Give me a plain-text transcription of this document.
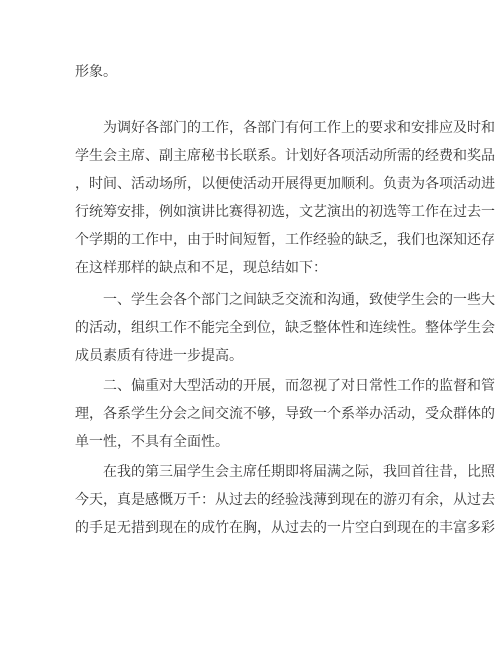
形象。
为调好各部门的工作，各部门有何工作上的要求和安排应及时和
学生会主席、副主席秘书长联系。计划好各项活动所需的经费和奖品
，时间、活动场所，以便使活动开展得更加顺利。负责为各项活动进
行统筹安排，例如演讲比赛得初选，文艺演出的初选等工作在过去一
个学期的工作中，由于时间短暂，工作经验的缺乏，我们也深知还存
在这样那样的缺点和不足，现总结如下：
一、学生会各个部门之间缺乏交流和沟通，致使学生会的一些大
的活动，组织工作不能完全到位，缺乏整体性和连续性。整体学生会
成员素质有待进一步提高。
二、偏重对大型活动的开展，而忽视了对日常性工作的监督和管
理，各系学生分会之间交流不够，导致一个系举办活动，受众群体的
单一性，不具有全面性。
在我的第三届学生会主席任期即将届满之际，我回首往昔，比照
今天，真是感慨万千：从过去的经验浅薄到现在的游刃有余，从过去
的手足无措到现在的成竹在胸，从过去的一片空白到现在的丰富多彩
